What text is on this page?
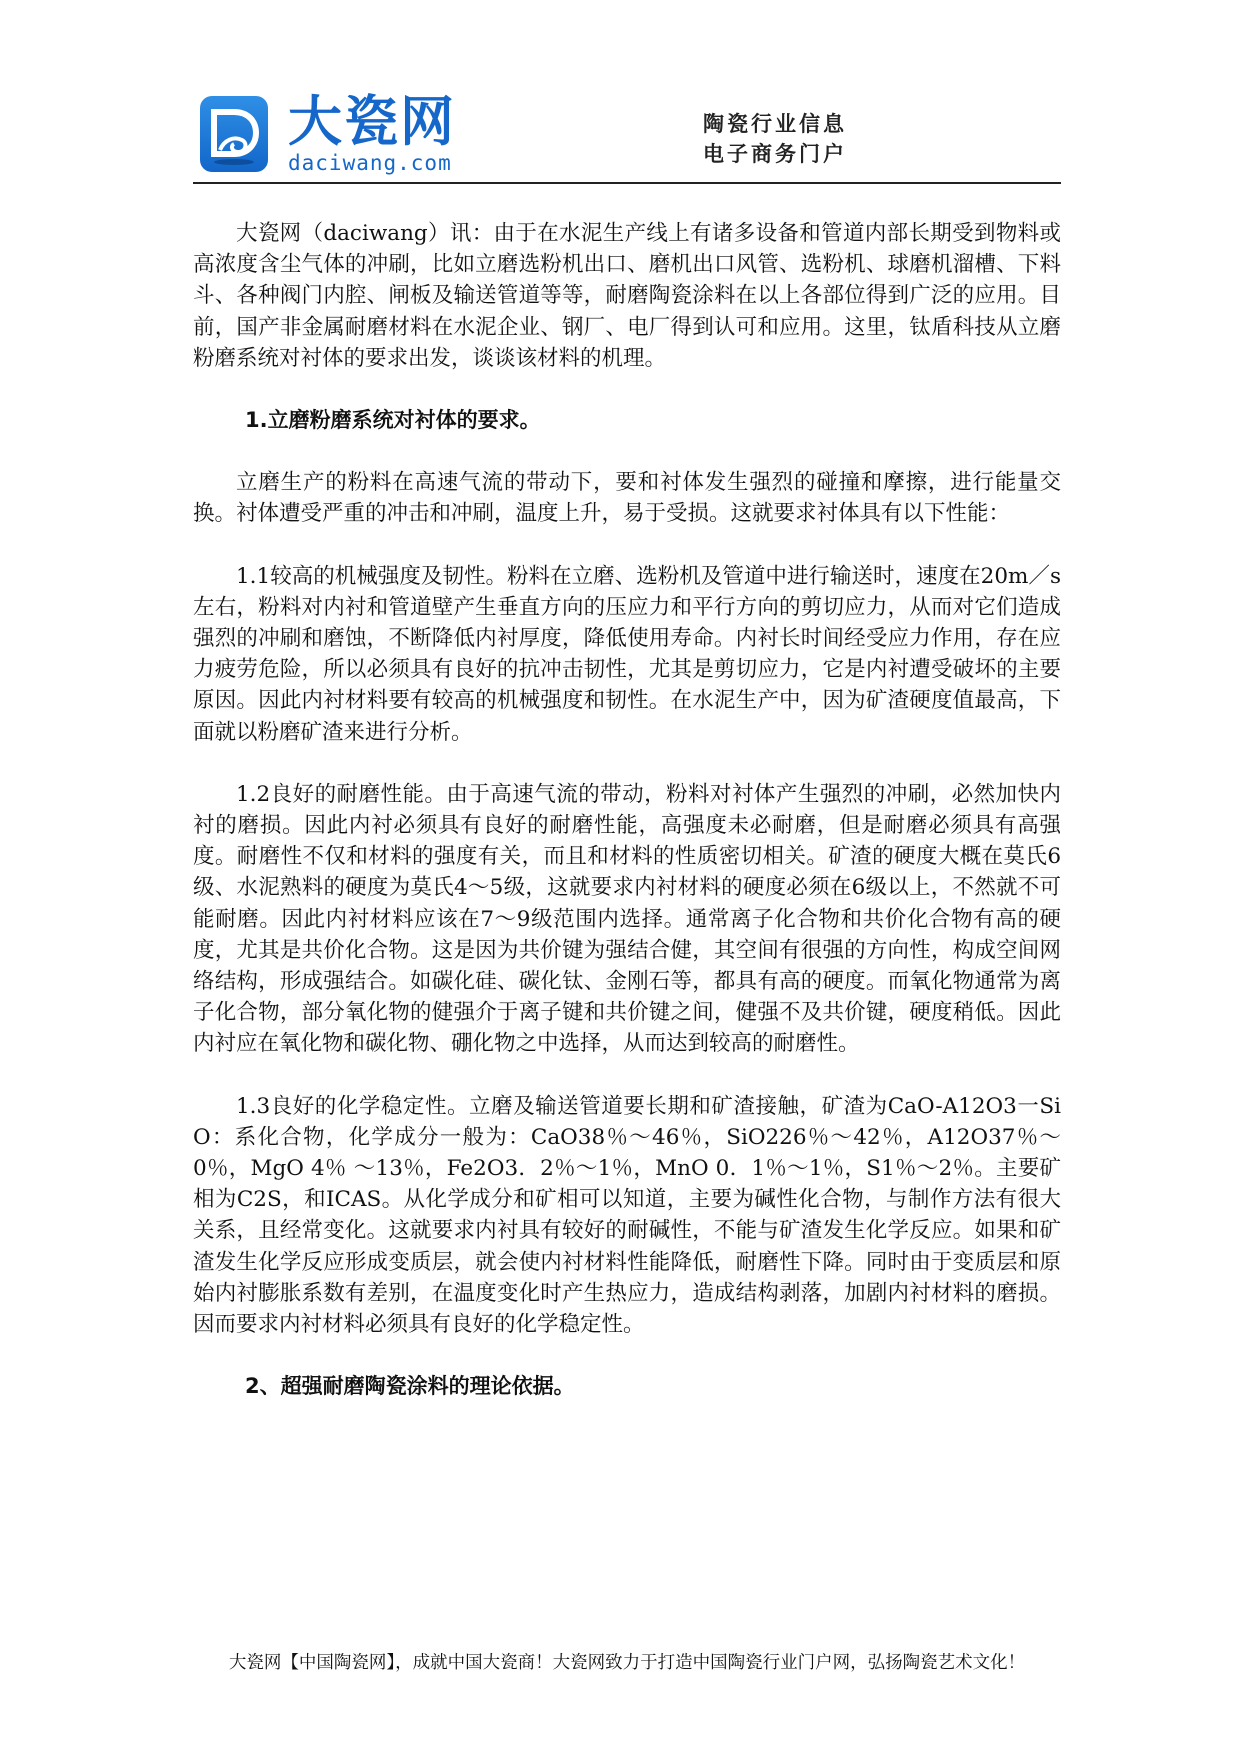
大瓷网
daciwang.com
陶瓷行业信息
电子商务门户

大瓷网（daciwang）讯：由于在水泥生产线上有诸多设备和管道内部长期受到物料或高浓度含尘气体的冲刷，比如立磨选粉机出口、磨机出口风管、选粉机、球磨机溜槽、下料斗、各种阀门内腔、闸板及输送管道等等，耐磨陶瓷涂料在以上各部位得到广泛的应用。目前，国产非金属耐磨材料在水泥企业、钢厂、电厂得到认可和应用。这里，钛盾科技从立磨粉磨系统对衬体的要求出发，谈谈该材料的机理。

1.立磨粉磨系统对衬体的要求。

立磨生产的粉料在高速气流的带动下，要和衬体发生强烈的碰撞和摩擦，进行能量交换。衬体遭受严重的冲击和冲刷，温度上升，易于受损。这就要求衬体具有以下性能：

1.1较高的机械强度及韧性。粉料在立磨、选粉机及管道中进行输送时，速度在20m／s左右，粉料对内衬和管道壁产生垂直方向的压应力和平行方向的剪切应力，从而对它们造成强烈的冲刷和磨蚀，不断降低内衬厚度，降低使用寿命。内衬长时间经受应力作用，存在应力疲劳危险，所以必须具有良好的抗冲击韧性，尤其是剪切应力，它是内衬遭受破坏的主要原因。因此内衬材料要有较高的机械强度和韧性。在水泥生产中，因为矿渣硬度值最高，下面就以粉磨矿渣来进行分析。

1.2良好的耐磨性能。由于高速气流的带动，粉料对衬体产生强烈的冲刷，必然加快内衬的磨损。因此内衬必须具有良好的耐磨性能，高强度未必耐磨，但是耐磨必须具有高强度。耐磨性不仅和材料的强度有关，而且和材料的性质密切相关。矿渣的硬度大概在莫氏6级、水泥熟料的硬度为莫氏4～5级，这就要求内衬材料的硬度必须在6级以上，不然就不可能耐磨。因此内衬材料应该在7～9级范围内选择。通常离子化合物和共价化合物有高的硬度，尤其是共价化合物。这是因为共价键为强结合健，其空间有很强的方向性，构成空间网络结构，形成强结合。如碳化硅、碳化钛、金刚石等，都具有高的硬度。而氧化物通常为离子化合物，部分氧化物的健强介于离子键和共价键之间，健强不及共价键，硬度稍低。因此内衬应在氧化物和碳化物、硼化物之中选择，从而达到较高的耐磨性。

1.3良好的化学稳定性。立磨及输送管道要长期和矿渣接触，矿渣为CaO-A12O3一SiO：系化合物，化学成分一般为：CaO38％～46％，SiO226％～42％，A12O37％～0％，MgO 4％ ～13％，Fe2O3．2％～1％，MnO 0．1％～1％，S1％～2％。主要矿相为C2S，和ICAS。从化学成分和矿相可以知道，主要为碱性化合物，与制作方法有很大关系，且经常变化。这就要求内衬具有较好的耐碱性，不能与矿渣发生化学反应。如果和矿渣发生化学反应形成变质层，就会使内衬材料性能降低，耐磨性下降。同时由于变质层和原始内衬膨胀系数有差别，在温度变化时产生热应力，造成结构剥落，加剧内衬材料的磨损。因而要求内衬材料必须具有良好的化学稳定性。

2、超强耐磨陶瓷涂料的理论依据。

大瓷网【中国陶瓷网】，成就中国大瓷商！大瓷网致力于打造中国陶瓷行业门户网，弘扬陶瓷艺术文化！
